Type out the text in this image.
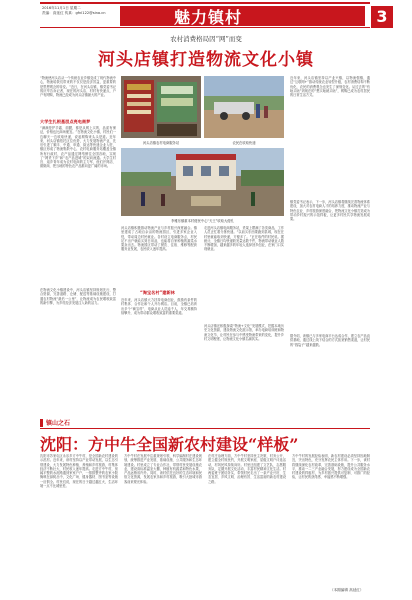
2016年11月1日 星期二
责编：高延红 传真：gfnl122@sina.cn	魅力镇村	3
农村消费格局因“网”而变
河头店镇打造物流文化小镇
“物流使河头店从一个传统农业乡镇变成了现代物流中心，物流给我们带来的不仅仅是经济效益，更重要的是思想观念的转变。”近日，在河头店镇，镇党委书记郭庆华告诉记者，现在的河头店，村村有快递点，户户有网购，物流已经成为河头店镇最大的产业。
大学生扎根基层点亮电商梦
“满满是护手霜、面膜，都是从网上买的，品质有保证，价格也比商场便宜。”在物流文化小镇，村民们一边聊天一边收取快递，说起网购来头头是道。近年来，河头店镇依托区位优势，大力发展物流产业，先后引进了顺丰、中通、申通、韵达等快递企业入驻，镇区形成了物流集散中心，农村电商服务站覆盖全镇所有行政村，农产品通过网络销往全国各地，实现了“网货下乡”和“农产品进城”的双向流通。大学生村官、返乡青年成为农村电商的主力军，他们开网店、做微商，把当地的特色农产品推向更广阔的市场。
河头店镇农村电商服务站	农民在收取快递
李雅东镇重本村便民中心“天王”收取大便孔
河头店镇积极推动物流产业与乡村振兴深度融合。镇里建成了占地百余亩的物流园区，引进多家企业入驻，带动周边村民就业。各村设立电商服务点，村民足不出户就能买到日用品，也能将自家种植的蔬菜水果卖出去。物流园区带动了餐饮、住宿、维修等配套服务业发展，农民收入逐年提高。
“淘宝名村”建新林
近年来，河头店镇大力扶持电商创业，鼓励有条件的村集体、合作社和个人开办网店。目前，全镇已培育出多个“淘宝村”，电商从业人员逾千人，年交易额持续攀升，成为带动群众增收致富的重要渠道。
走进河头店镇电商服务站，货架上摆满了各类商品，工作人员正忙着分拣快递。“以前买东西要跑到县城，现在在村里就能取到快递，方便多了。”正在取件的村民说。据统计，全镇日均快递收发量达数千件，物流带动就业人数不断增加，越来越多的年轻人选择回乡创业，在家门口实现就业。
河头店镇还积极探索“物流+文化”发展模式，挖掘本地历史文化资源，建设物流文化展示馆，举办电商培训班和物流文化节，让村民在参与中感受物流带来的变化，提升乡村文明程度，让物流文化小镇名副其实。
在物流文化小镇建设中，河头店镇坚持规划先行，整合资源，完善道路、仓储、配送等基础设施建设，打通农村物流“最后一公里”，让物流成为农民增收致富的新引擎，为乡村经济发展注入新的活力。
近年来，河头店镇坚持以产业兴镇，以物流强镇，通过“互联网+”推动传统农业转型升级，农村消费结构不断优化，农民的消费观念也发生了深刻变化。从过去的“有啥买啥”到现在的“想买啥就买啥”，网购已成为农村居民的日常生活方式。
镇党委书记表示，下一步，河头店镇将继续完善物流体系建设，加大对农村电商人才的培养力度，推动物流产业与特色农业、乡村旅游深度融合，把物流文化小镇打造成为带动乡村振兴的示范样板，让更多村民共享物流发展成果。
据介绍，该镇已与多家电商平台达成合作，建立农产品直供基地，通过线上线下结合的方式拓宽销售渠道，让村民的“钱袋子”越来越鼓。
镇山之石
沈阳：方中牛全国新农村建设“样板”
沈阳市苏家屯区永乐乡方中牛村，是全国新农村建设的示范村。近年来，该村坚持以产业带动发展，以生态引领建设，大力发展特色种植、养殖和乡村旅游，村集体经济不断壮大，村民收入逐年提高。走进方中牛村，宽阔平整的水泥路通到家家户户，一排排整齐的农家小院掩映在绿树丛中，文化广场、健身器材、图书室等设施一应俱全。村民们说，现在的日子越过越红火，生活环境一点不比城里差。
方中牛村在发展中注重规划引领，科学编制村庄建设规划，统筹推进产业发展、基础设施、公共服务和生态环境建设。村里成立了专业合作社，带领村民发展设施农业，建设高标准温室大棚，种植有机蔬菜和特色水果，产品远销省内外。同时，该村依托良好的生态环境和民俗文化资源，发展农家乐和乡村旅游，吸引大批城市游客前来观光体验。
在村庄治理方面，方中牛村坚持民主决策，村务公开，建立健全村规民约，开展文明家庭、星级文明户评选活动，村风民风持续向好。村里还组建了文艺队、志愿服务队，定期开展文化活动，丰富村民精神文化生活。村两委班子团结务实，带领村民走出了一条产业兴旺、生态宜居、乡风文明、治理有效、生活富裕的新农村建设之路。
方中牛村的发展经验表明，新农村建设必须坚持因地制宜，突出特色，充分发挥农民主体作用。下一步，该村将继续深化农村改革，完善基础设施，提升公共服务水平，推动一二三产业融合发展，努力建设成为全国新农村建设的样板村，为乡村振兴提供可复制、可推广的经验，让村民的获得感、幸福感不断增强。
（本期编辑 高延红）
